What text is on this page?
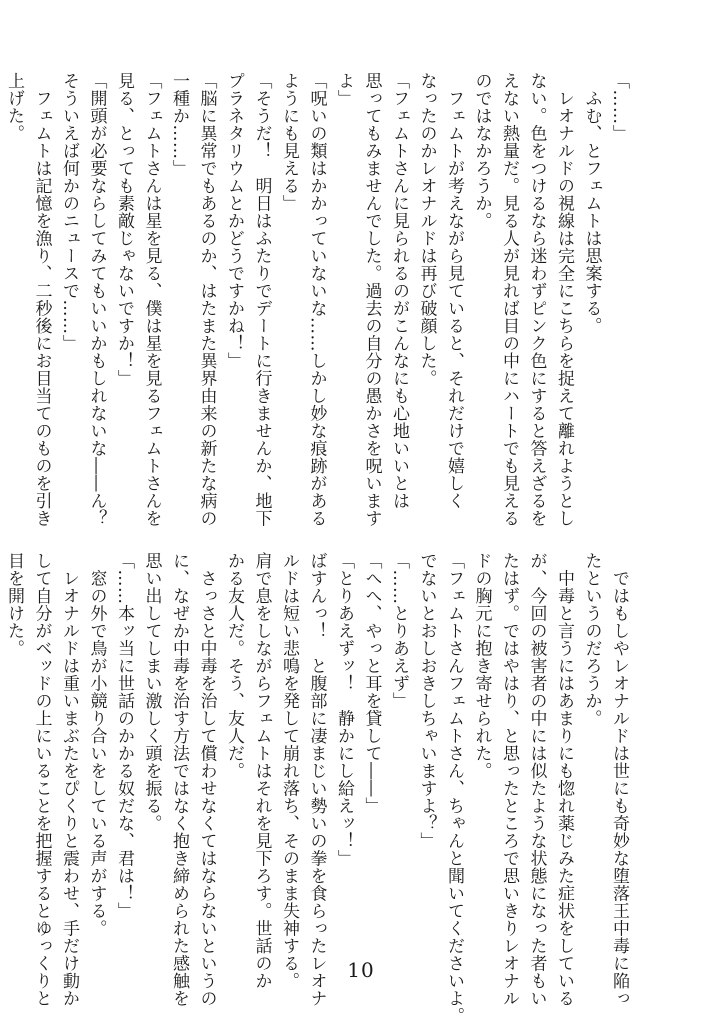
「……」
　ふむ、とフェムトは思案する。
　レオナルドの視線は完全にこちらを捉えて離れようとし
ない。色をつけるなら迷わずピンク色にすると答えざるを
えない熱量だ。見る人が見れば目の中にハートでも見える
のではなかろうか。
　フェムトが考えながら見ていると、それだけで嬉しく
なったのかレオナルドは再び破顔した。
「フェムトさんに見られるのがこんなにも心地いいとは
思ってもみませんでした。過去の自分の愚かさを呪います
よ」
「呪いの類はかかっていないな……しかし妙な痕跡がある
ようにも見える」
「そうだ！　明日はふたりでデートに行きませんか、地下
プラネタリウムとかどうですかね！」
「脳に異常でもあるのか、はたまた異界由来の新たな病の
一種か……」
「フェムトさんは星を見る、僕は星を見るフェムトさんを
見る、とっても素敵じゃないですか！」
「開頭が必要ならしてみてもいいかもしれないな――ん？
そういえば何かのニュースで……」
　フェムトは記憶を漁り、二秒後にお目当てのものを引き
上げた。
　ではもしやレオナルドは世にも奇妙な堕落王中毒に陥っ
たというのだろうか。
　中毒と言うにはあまりにも惚れ薬じみた症状をしている
が、今回の被害者の中には似たような状態になった者もい
たはず。ではやはり、と思ったところで思いきりレオナル
ドの胸元に抱き寄せられた。
「フェムトさんフェムトさん、ちゃんと聞いてくださいよ。
でないとおしおきしちゃいますよ？」
「……とりあえず」
「へへ、やっと耳を貸して――」
「とりあえずッ！　静かにし給えッ！」
ばすんっ！　と腹部に凄まじい勢いの拳を食らったレオナ
ルドは短い悲鳴を発して崩れ落ち、そのまま失神する。
肩で息をしながらフェムトはそれを見下ろす。世話のか
かる友人だ。そう、友人だ。
　さっさと中毒を治して償わせなくてはならないというの
に、なぜか中毒を治す方法ではなく抱き締められた感触を
思い出してしまい激しく頭を振る。
「……本ッ当に世話のかかる奴だな、君は！」
　窓の外で鳥が小競り合いをしている声がする。
　レオナルドは重いまぶたをぴくりと震わせ、手だけ動か
して自分がベッドの上にいることを把握するとゆっくりと
目を開けた。
10
